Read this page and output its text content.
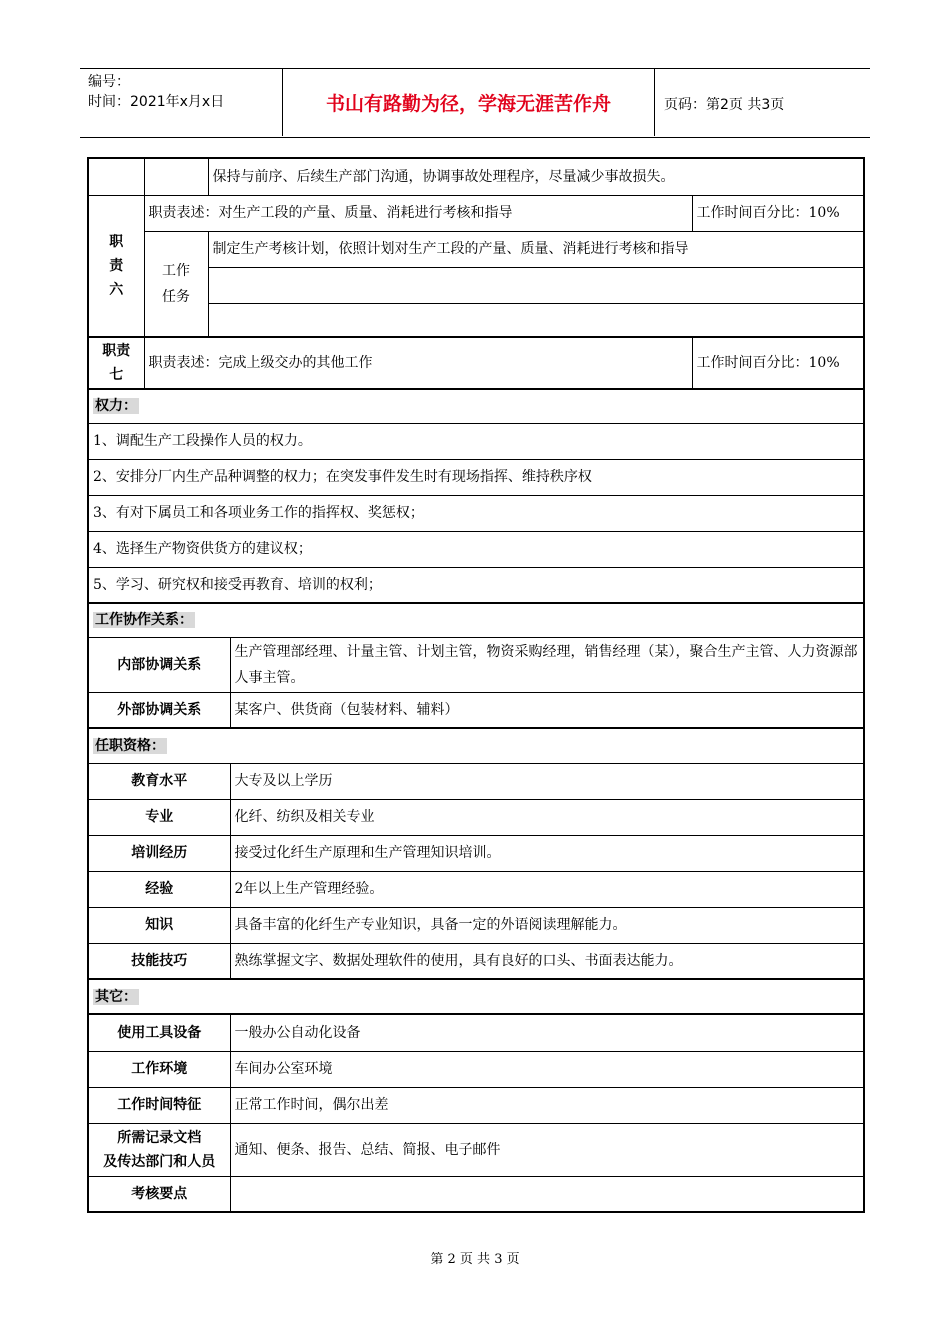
编号：
时间：2021年x月x日	书山有路勤为径，学海无涯苦作舟	页码：第2页 共3页
		保持与前序、后续生产部门沟通，协调事故处理程序，尽量减少事故损失。		
职
责
六	职责表述：对生产工段的产量、质量、消耗进行考核和指导			工作时间百分比：10%
	工作
任务	制定生产考核计划，依照计划对生产工段的产量、质量、消耗进行考核和指导		

职责
七	职责表述：完成上级交办的其他工作			工作时间百分比：10%
权力：				
1、调配生产工段操作人员的权力。				
2、安排分厂内生产品种调整的权力；在突发事件发生时有现场指挥、维持秩序权				
3、有对下属员工和各项业务工作的指挥权、奖惩权；				
4、选择生产物资供货方的建议权；				
5、学习、研究权和接受再教育、培训的权利；				
工作协作关系：				
内部协调关系			生产管理部经理、计量主管、计划主管，物资采购经理，销售经理（某），聚合生产主管、人力资源部人事主管。	
外部协调关系			某客户、供货商（包装材料、辅料）	
任职资格：				
教育水平			大专及以上学历	
专业			化纤、纺织及相关专业	
培训经历			接受过化纤生产原理和生产管理知识培训。	
经验			2年以上生产管理经验。	
知识			具备丰富的化纤生产专业知识，具备一定的外语阅读理解能力。	
技能技巧			熟练掌握文字、数据处理软件的使用，具有良好的口头、书面表达能力。	
其它：				
使用工具设备			一般办公自动化设备	
工作环境			车间办公室环境	
工作时间特征			正常工作时间，偶尔出差	
所需记录文档
及传达部门和人员			通知、便条、报告、总结、简报、电子邮件	
考核要点				
第 2 页 共 3 页
